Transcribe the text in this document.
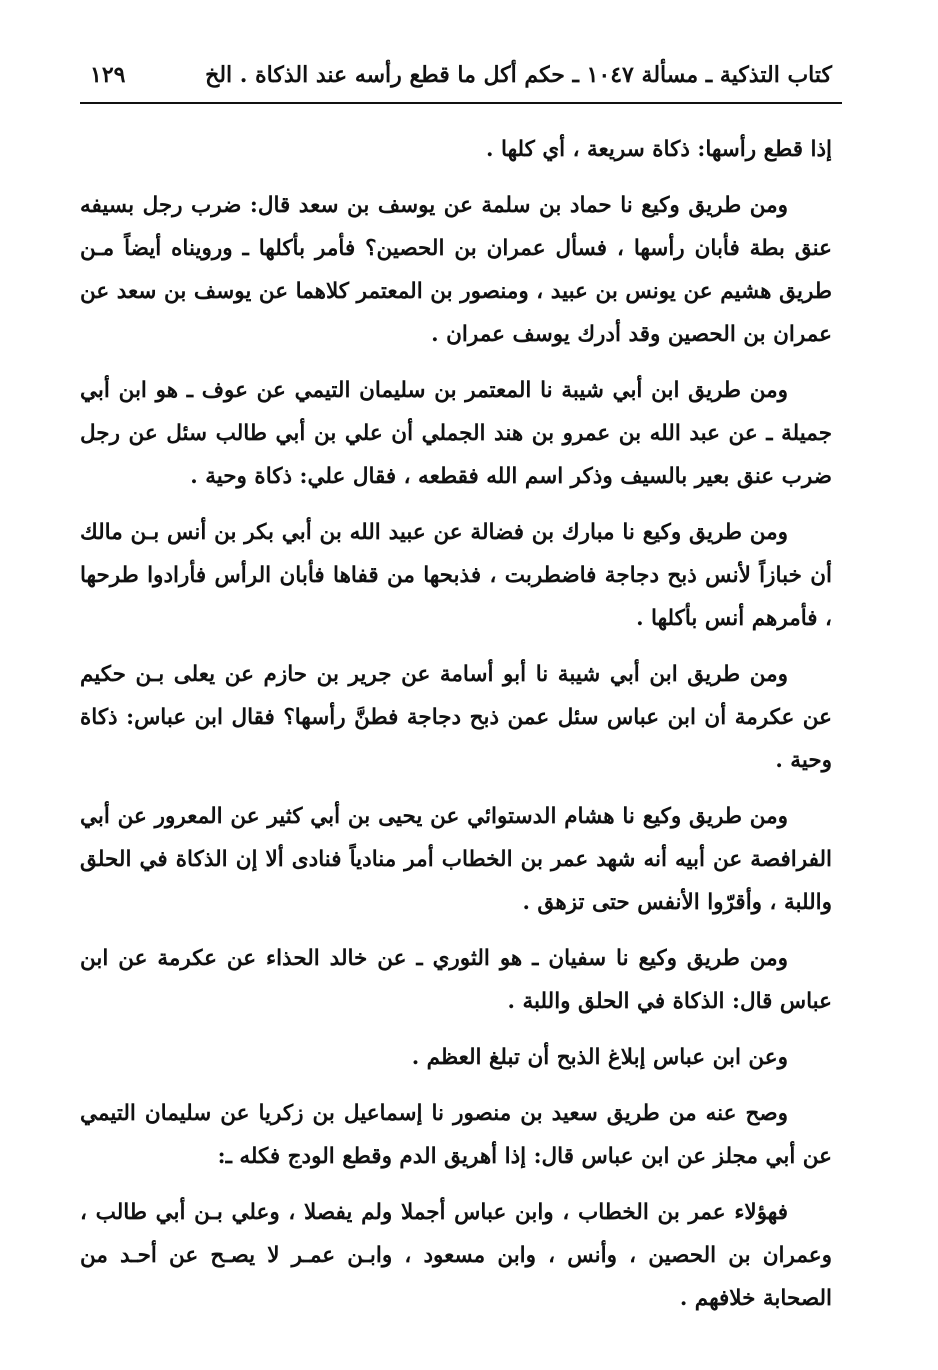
كتاب التذكية ـ مسألة ١٠٤٧ ـ حكم أكل ما قطع رأسه عند الذكاة . الخ
١٢٩

إذا قطع رأسها: ذكاة سريعة ، أي كلها .

ومن طريق وكيع نا حماد بن سلمة عن يوسف بن سعد قال: ضرب رجل بسيفه عنق بطة فأبان رأسها ، فسأل عمران بن الحصين؟ فأمر بأكلها ـ ورويناه أيضاً مـن طريق هشيم عن يونس بن عبيد ، ومنصور بن المعتمر كلاهما عن يوسف بن سعد عن عمران بن الحصين وقد أدرك يوسف عمران .

ومن طريق ابن أبي شيبة نا المعتمر بن سليمان التيمي عن عوف ـ هو ابن أبي جميلة ـ عن عبد الله بن عمرو بن هند الجملي أن علي بن أبي طالب سئل عن رجل ضرب عنق بعير بالسيف وذكر اسم الله فقطعه ، فقال علي: ذكاة وحية .

ومن طريق وكيع نا مبارك بن فضالة عن عبيد الله بن أبي بكر بن أنس بـن مالك أن خبازاً لأنس ذبح دجاجة فاضطربت ، فذبحها من قفاها فأبان الرأس فأرادوا طرحها ، فأمرهم أنس بأكلها .

ومن طريق ابن أبي شيبة نا أبو أسامة عن جرير بن حازم عن يعلى بـن حكيم عن عكرمة أن ابن عباس سئل عمن ذبح دجاجة فطنَّ رأسها؟ فقال ابن عباس: ذكاة وحية .

ومن طريق وكيع نا هشام الدستوائي عن يحيى بن أبي كثير عن المعرور عن أبي الفرافصة عن أبيه أنه شهد عمر بن الخطاب أمر منادياً فنادى ألا إن الذكاة في الحلق واللبة ، وأقرّوا الأنفس حتى تزهق .

ومن طريق وكيع نا سفيان ـ هو الثوري ـ عن خالد الحذاء عن عكرمة عن ابن عباس قال: الذكاة في الحلق واللبة .

وعن ابن عباس إبلاغ الذبح أن تبلغ العظم .

وصح عنه من طريق سعيد بن منصور نا إسماعيل بن زكريا عن سليمان التيمي عن أبي مجلز عن ابن عباس قال: إذا أهريق الدم وقطع الودج فكله ـ:

فهؤلاء عمر بن الخطاب ، وابن عباس أجملا ولم يفصلا ، وعلي بـن أبي طالب ، وعمران بن الحصين ، وأنس ، وابن مسعود ، وابـن عمـر لا يصـح عن أحـد من الصحابة خلافهم .
